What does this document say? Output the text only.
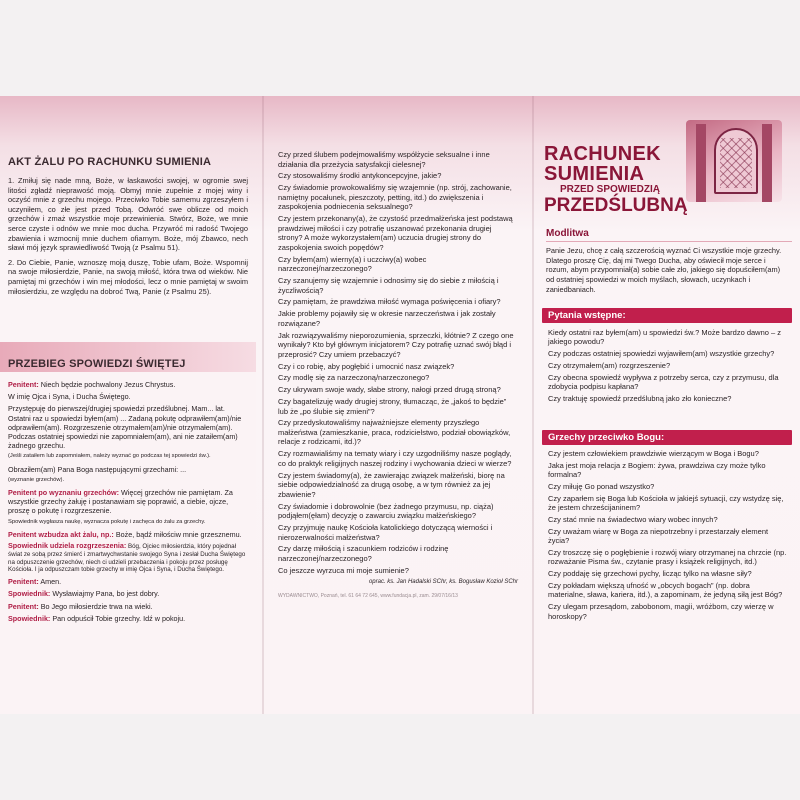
AKT ŻALU PO RACHUNKU SUMIENIA
1. Zmiłuj się nade mną, Boże, w łaskawości swojej, w ogromie swej litości zgładź nieprawość moją. Obmyj mnie zupełnie z mojej winy i oczyść mnie z grzechu mojego. Przeciwko Tobie samemu zgrzeszyłem i uczyniłem, co złe jest przed Tobą. Odwróć swe oblicze od moich grzechów i zmaż wszystkie moje przewinienia. Stwórz, Boże, we mnie serce czyste i odnów we mnie moc ducha. Przywróć mi radość Twojego zbawienia i wzmocnij mnie duchem ofiarnym. Boże, mój Zbawco, nech sławi mój język sprawiedliwość Twoją (z Psalmu 51).
2. Do Ciebie, Panie, wznoszę moją duszę, Tobie ufam, Boże. Wspomnij na swoje miłosierdzie, Panie, na swoją miłość, która trwa od wieków. Nie pamiętaj mi grzechów i win mej młodości, lecz o mnie pamiętaj w swoim miłosierdziu, ze względu na dobroć Twą, Panie (z Psalmu 25).
PRZEBIEG SPOWIEDZI ŚWIĘTEJ
Penitent: Niech będzie pochwalony Jezus Chrystus.
W imię Ojca i Syna, i Ducha Świętego.
Przystępuję do pierwszej/drugiej spowiedzi przedślubnej. Mam... lat. Ostatni raz u spowiedzi byłem(am) ... Zadaną pokutę odprawiłem(am)/nie odprawiłem(am). Rozgrzeszenie otrzymałem(am)/nie otrzymałem(am). Podczas ostatniej spowiedzi nie zapomniałem(am), ani nie zataiłem(am) żadnego grzechu.
(Jeśli zataiłem lub zapomniałem, należy wyznać go podczas tej spowiedzi św.).
Obraziłem(am) Pana Boga następującymi grzechami: ...
(wyznanie grzechów).
Penitent po wyznaniu grzechów: Więcej grzechów nie pamiętam. Za wszystkie grzechy żałuję i postanawiam się poprawić, a ciebie, ojcze, proszę o pokutę i rozgrzeszenie.
Spowiednik wygłasza naukę, wyznacza pokutę i zachęca do żalu za grzechy.
Penitent wzbudza akt żalu, np.: Boże, bądź miłościw mnie grzesznemu.
Spowiednik udziela rozgrzeszenia: Bóg, Ojciec miłosierdzia, który pojednał świat ze sobą przez śmierć i zmartwychwstanie swojego Syna i zesłał Ducha Świętego na odpuszczenie grzechów, niech ci udzieli przebaczenia i pokoju przez posługę Kościoła. I ja odpuszczam tobie grzechy w imię Ojca i Syna, i Ducha Świętego.
Penitent: Amen.
Spowiednik: Wysławiajmy Pana, bo jest dobry.
Penitent: Bo Jego miłosierdzie trwa na wieki.
Spowiednik: Pan odpuścił Tobie grzechy. Idź w pokoju.
Czy przed ślubem podejmowaliśmy współżycie seksualne i inne działania dla przeżycia satysfakcji cielesnej?
Czy stosowaliśmy środki antykoncepcyjne, jakie?
Czy świadomie prowokowaliśmy się wzajemnie (np. strój, zachowanie, namiętny pocałunek, pieszczoty, petting, itd.) do zwiększenia i zaspokojenia podniecenia seksualnego?
Czy jestem przekonany(a), że czystość przedmałżeńska jest podstawą prawdziwej miłości i czy potrafię uszanować przekonania drugiej strony? A może wykorzystałem(am) uczucia drugiej strony do zaspokojenia swoich popędów?
Czy byłem(am) wierny(a) i uczciwy(a) wobec narzeczonej/narzeczonego?
Czy szanujemy się wzajemnie i odnosimy się do siebie z miłością i życzliwością?
Czy pamiętam, że prawdziwa miłość wymaga poświęcenia i ofiary?
Jakie problemy pojawiły się w okresie narzeczeństwa i jak zostały rozwiązane?
Jak rozwiązywaliśmy nieporozumienia, sprzeczki, kłótnie? Z czego one wynikały? Kto był głównym inicjatorem? Czy potrafię uznać swój błąd i przeprosić? Czy umiem przebaczyć?
Czy i co robię, aby pogłębić i umocnić nasz związek?
Czy modlę się za narzeczoną/narzeczonego?
Czy ukrywam swoje wady, słabe strony, nałogi przed drugą stroną?
Czy bagatelizuję wady drugiej strony, tłumacząc, że „jakoś to będzie” lub że „po ślubie się zmieni”?
Czy przedyskutowaliśmy najważniejsze elementy przyszłego małżeństwa (zamieszkanie, praca, rodzicielstwo, podział obowiązków, relacje z rodzicami, itd.)?
Czy rozmawialiśmy na tematy wiary i czy uzgodniliśmy nasze poglądy, co do praktyk religijnych naszej rodziny i wychowania dzieci w wierze?
Czy jestem świadomy(a), że zawierając związek małżeński, biorę na siebie odpowiedzialność za drugą osobę, a w tym również za jej zbawienie?
Czy świadomie i dobrowolnie (bez żadnego przymusu, np. ciąża) podjąłem(ęłam) decyzję o zawarciu związku małżeńskiego?
Czy przyjmuję naukę Kościoła katolickiego dotyczącą wierności i nierozerwalności małżeństwa?
Czy darzę miłością i szacunkiem rodziców i rodzinę narzeczonej/narzeczonego?
Co jeszcze wyrzuca mi moje sumienie?
oprac. ks. Jan Hadalski SChr, ks. Bogusław Kozioł SChr
WYDAWNICTWO, Poznań, tel. 61 64 72 645, www.fundacja.pl, zam. 29/07/16/13
RACHUNEK SUMIENIA
PRZED SPOWIEDZIĄ
PRZEDŚLUBNĄ
Modlitwa
Panie Jezu, chcę z całą szczerością wyznać Ci wszystkie moje grzechy. Dlatego proszę Cię, daj mi Twego Ducha, aby oświecił moje serce i rozum, abym przypomniał(a) sobie całe zło, jakiego się dopuściłem(am) od ostatniej spowiedzi w moich myślach, słowach, uczynkach i zaniedbaniach.
Pytania wstępne:
Kiedy ostatni raz byłem(am) u spowiedzi św.? Może bardzo dawno – z jakiego powodu?
Czy podczas ostatniej spowiedzi wyjawiłem(am) wszystkie grzechy?
Czy otrzymałem(am) rozgrzeszenie?
Czy obecna spowiedź wypływa z potrzeby serca, czy z przymusu, dla zdobycia podpisu kapłana?
Czy traktuję spowiedź przedślubną jako zło konieczne?
Grzechy przeciwko Bogu:
Czy jestem człowiekiem prawdziwie wierzącym w Boga i Bogu?
Jaka jest moja relacja z Bogiem: żywa, prawdziwa czy może tylko formalna?
Czy miłuję Go ponad wszystko?
Czy zaparłem się Boga lub Kościoła w jakiejś sytuacji, czy wstydzę się, że jestem chrześcijaninem?
Czy stać mnie na świadectwo wiary wobec innych?
Czy uważam wiarę w Boga za niepotrzebny i przestarzały element życia?
Czy troszczę się o pogłębienie i rozwój wiary otrzymanej na chrzcie (np. rozważanie Pisma św., czytanie prasy i książek religijnych, itd.)
Czy poddaję się grzechowi pychy, licząc tylko na własne siły?
Czy pokładam większą ufność w „obcych bogach” (np. dobra materialne, sława, kariera, itd.), a zapominam, że jedyną siłą jest Bóg?
Czy ulegam przesądom, zabobonom, magii, wróżbom, czy wierzę w horoskopy?
